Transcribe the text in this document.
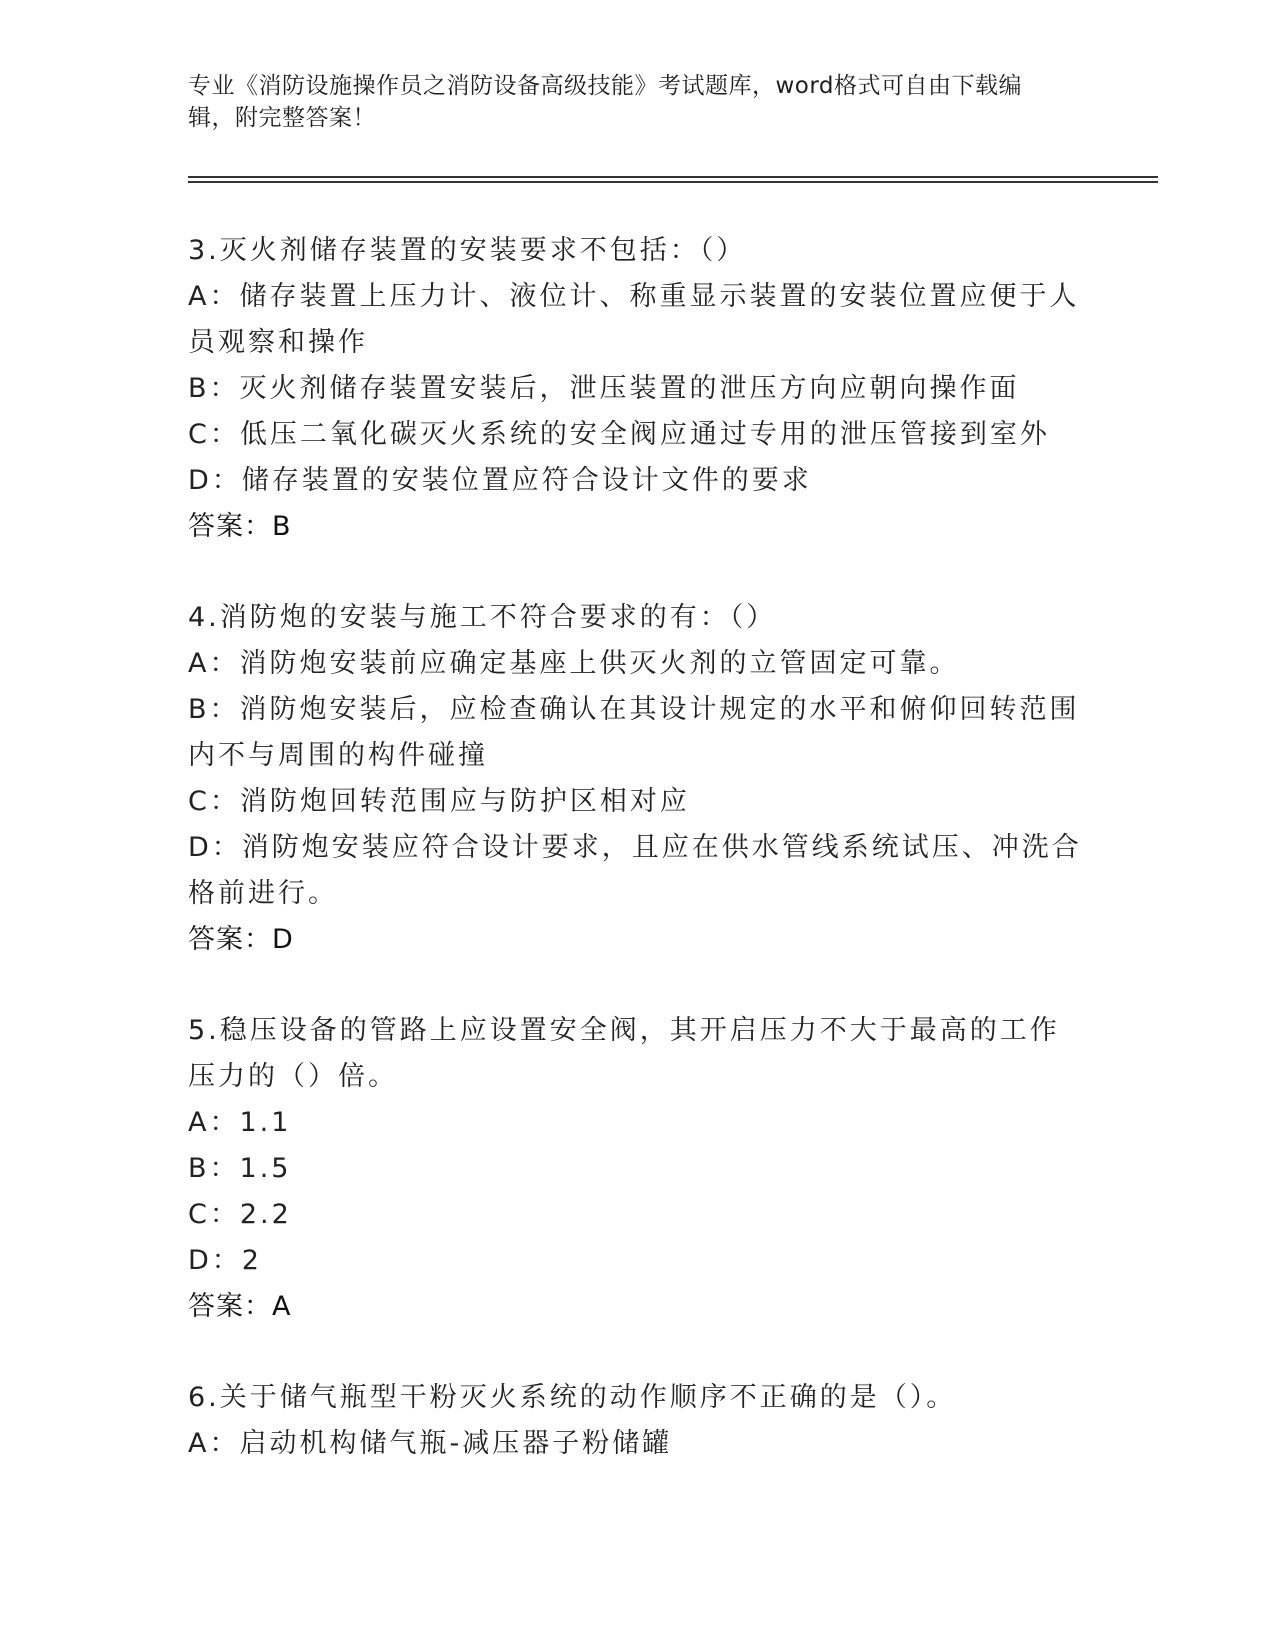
专业《消防设施操作员之消防设备高级技能》考试题库，word格式可自由下载编辑，附完整答案！
3.灭火剂储存装置的安装要求不包括：（）
A：储存装置上压力计、液位计、称重显示装置的安装位置应便于人员观察和操作
B：灭火剂储存装置安装后，泄压装置的泄压方向应朝向操作面
C：低压二氧化碳灭火系统的安全阀应通过专用的泄压管接到室外
D：储存装置的安装位置应符合设计文件的要求
答案：B
4.消防炮的安装与施工不符合要求的有：（）
A：消防炮安装前应确定基座上供灭火剂的立管固定可靠。
B：消防炮安装后，应检查确认在其设计规定的水平和俯仰回转范围内不与周围的构件碰撞
C：消防炮回转范围应与防护区相对应
D：消防炮安装应符合设计要求，且应在供水管线系统试压、冲洗合格前进行。
答案：D
5.稳压设备的管路上应设置安全阀，其开启压力不大于最高的工作压力的（）倍。
A：1.1
B：1.5
C：2.2
D：2
答案：A
6.关于储气瓶型干粉灭火系统的动作顺序不正确的是（）。
A：启动机构储气瓶-减压器子粉储罐
